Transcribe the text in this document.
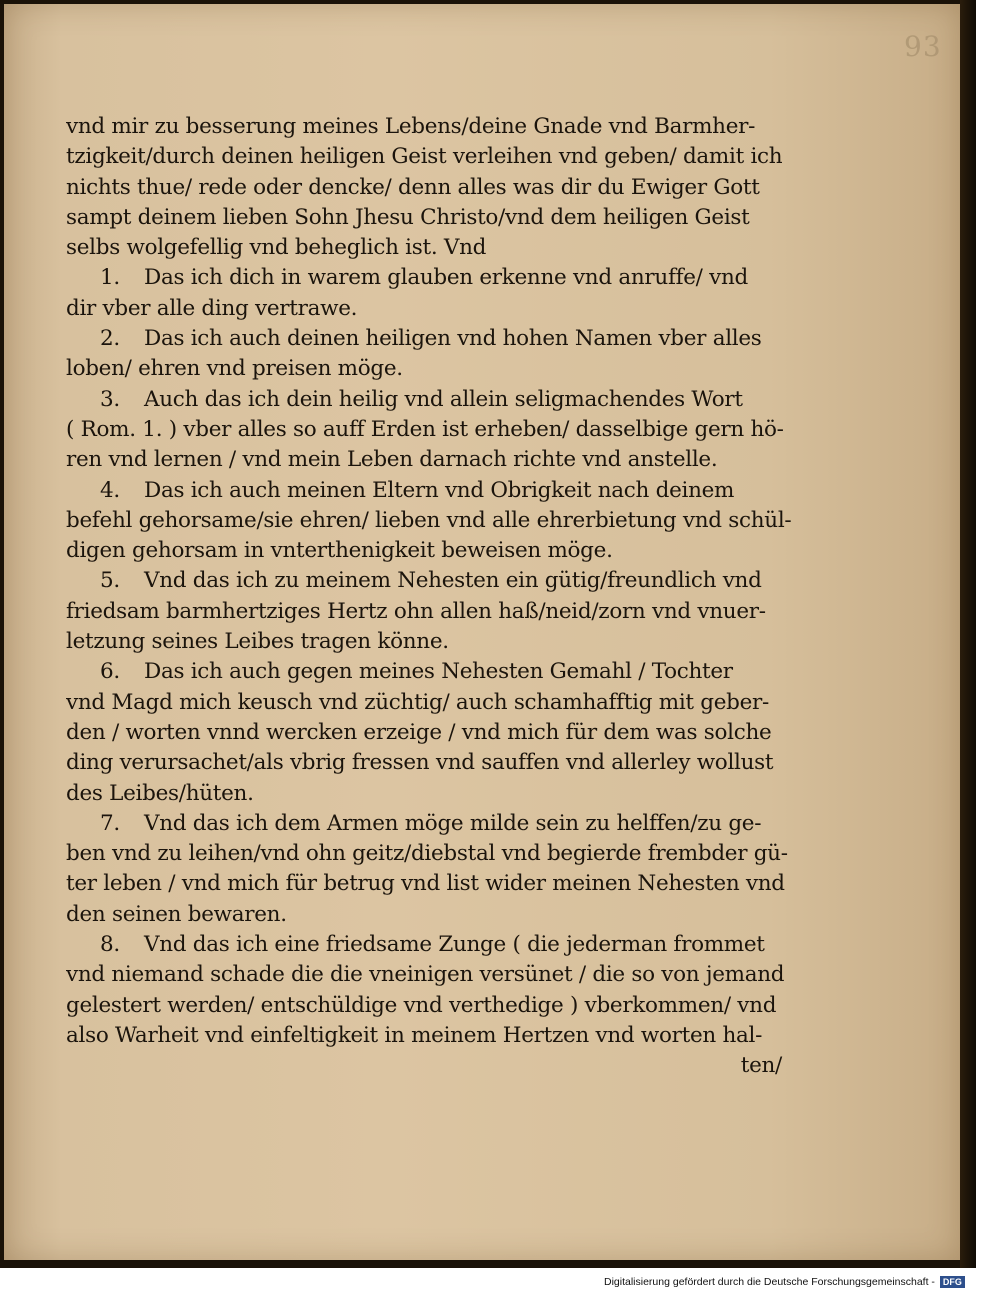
93
vnd mir zu besserung meines Lebens/deine Gnade vnd Barmher-
tzigkeit/durch deinen heiligen Geist verleihen vnd geben/ damit ich
nichts thue/ rede oder dencke/ denn alles was dir du Ewiger Gott
sampt deinem lieben Sohn Jhesu Christo/vnd dem heiligen Geist
selbs wolgefellig vnd beheglich ist. Vnd
1. Das ich dich in warem glauben erkenne vnd anruffe/ vnd
dir vber alle ding vertrawe.
2. Das ich auch deinen heiligen vnd hohen Namen vber alles
loben/ ehren vnd preisen möge.
3. Auch das ich dein heilig vnd allein seligmachendes Wort
( Rom. 1. ) vber alles so auff Erden ist erheben/ dasselbige gern hö-
ren vnd lernen / vnd mein Leben darnach richte vnd anstelle.
4. Das ich auch meinen Eltern vnd Obrigkeit nach deinem
befehl gehorsame/sie ehren/ lieben vnd alle ehrerbietung vnd schül-
digen gehorsam in vnterthenigkeit beweisen möge.
5. Vnd das ich zu meinem Nehesten ein gütig/freundlich vnd
friedsam barmhertziges Hertz ohn allen haß/neid/zorn vnd vnuer-
letzung seines Leibes tragen könne.
6. Das ich auch gegen meines Nehesten Gemahl / Tochter
vnd Magd mich keusch vnd züchtig/ auch schamhafftig mit geber-
den / worten vnnd wercken erzeige / vnd mich für dem was solche
ding verursachet/als vbrig fressen vnd sauffen vnd allerley wollust
des Leibes/hüten.
7. Vnd das ich dem Armen möge milde sein zu helffen/zu ge-
ben vnd zu leihen/vnd ohn geitz/diebstal vnd begierde frembder gü-
ter leben / vnd mich für betrug vnd list wider meinen Nehesten vnd
den seinen bewaren.
8. Vnd das ich eine friedsame Zunge ( die jederman frommet
vnd niemand schade die die vneinigen versünet / die so von jemand
gelestert werden/ entschüldige vnd verthedige ) vberkommen/ vnd
also Warheit vnd einfeltigkeit in meinem Hertzen vnd worten hal-
ten/
Digitalisierung gefördert durch die Deutsche Forschungsgemeinschaft - DFG
